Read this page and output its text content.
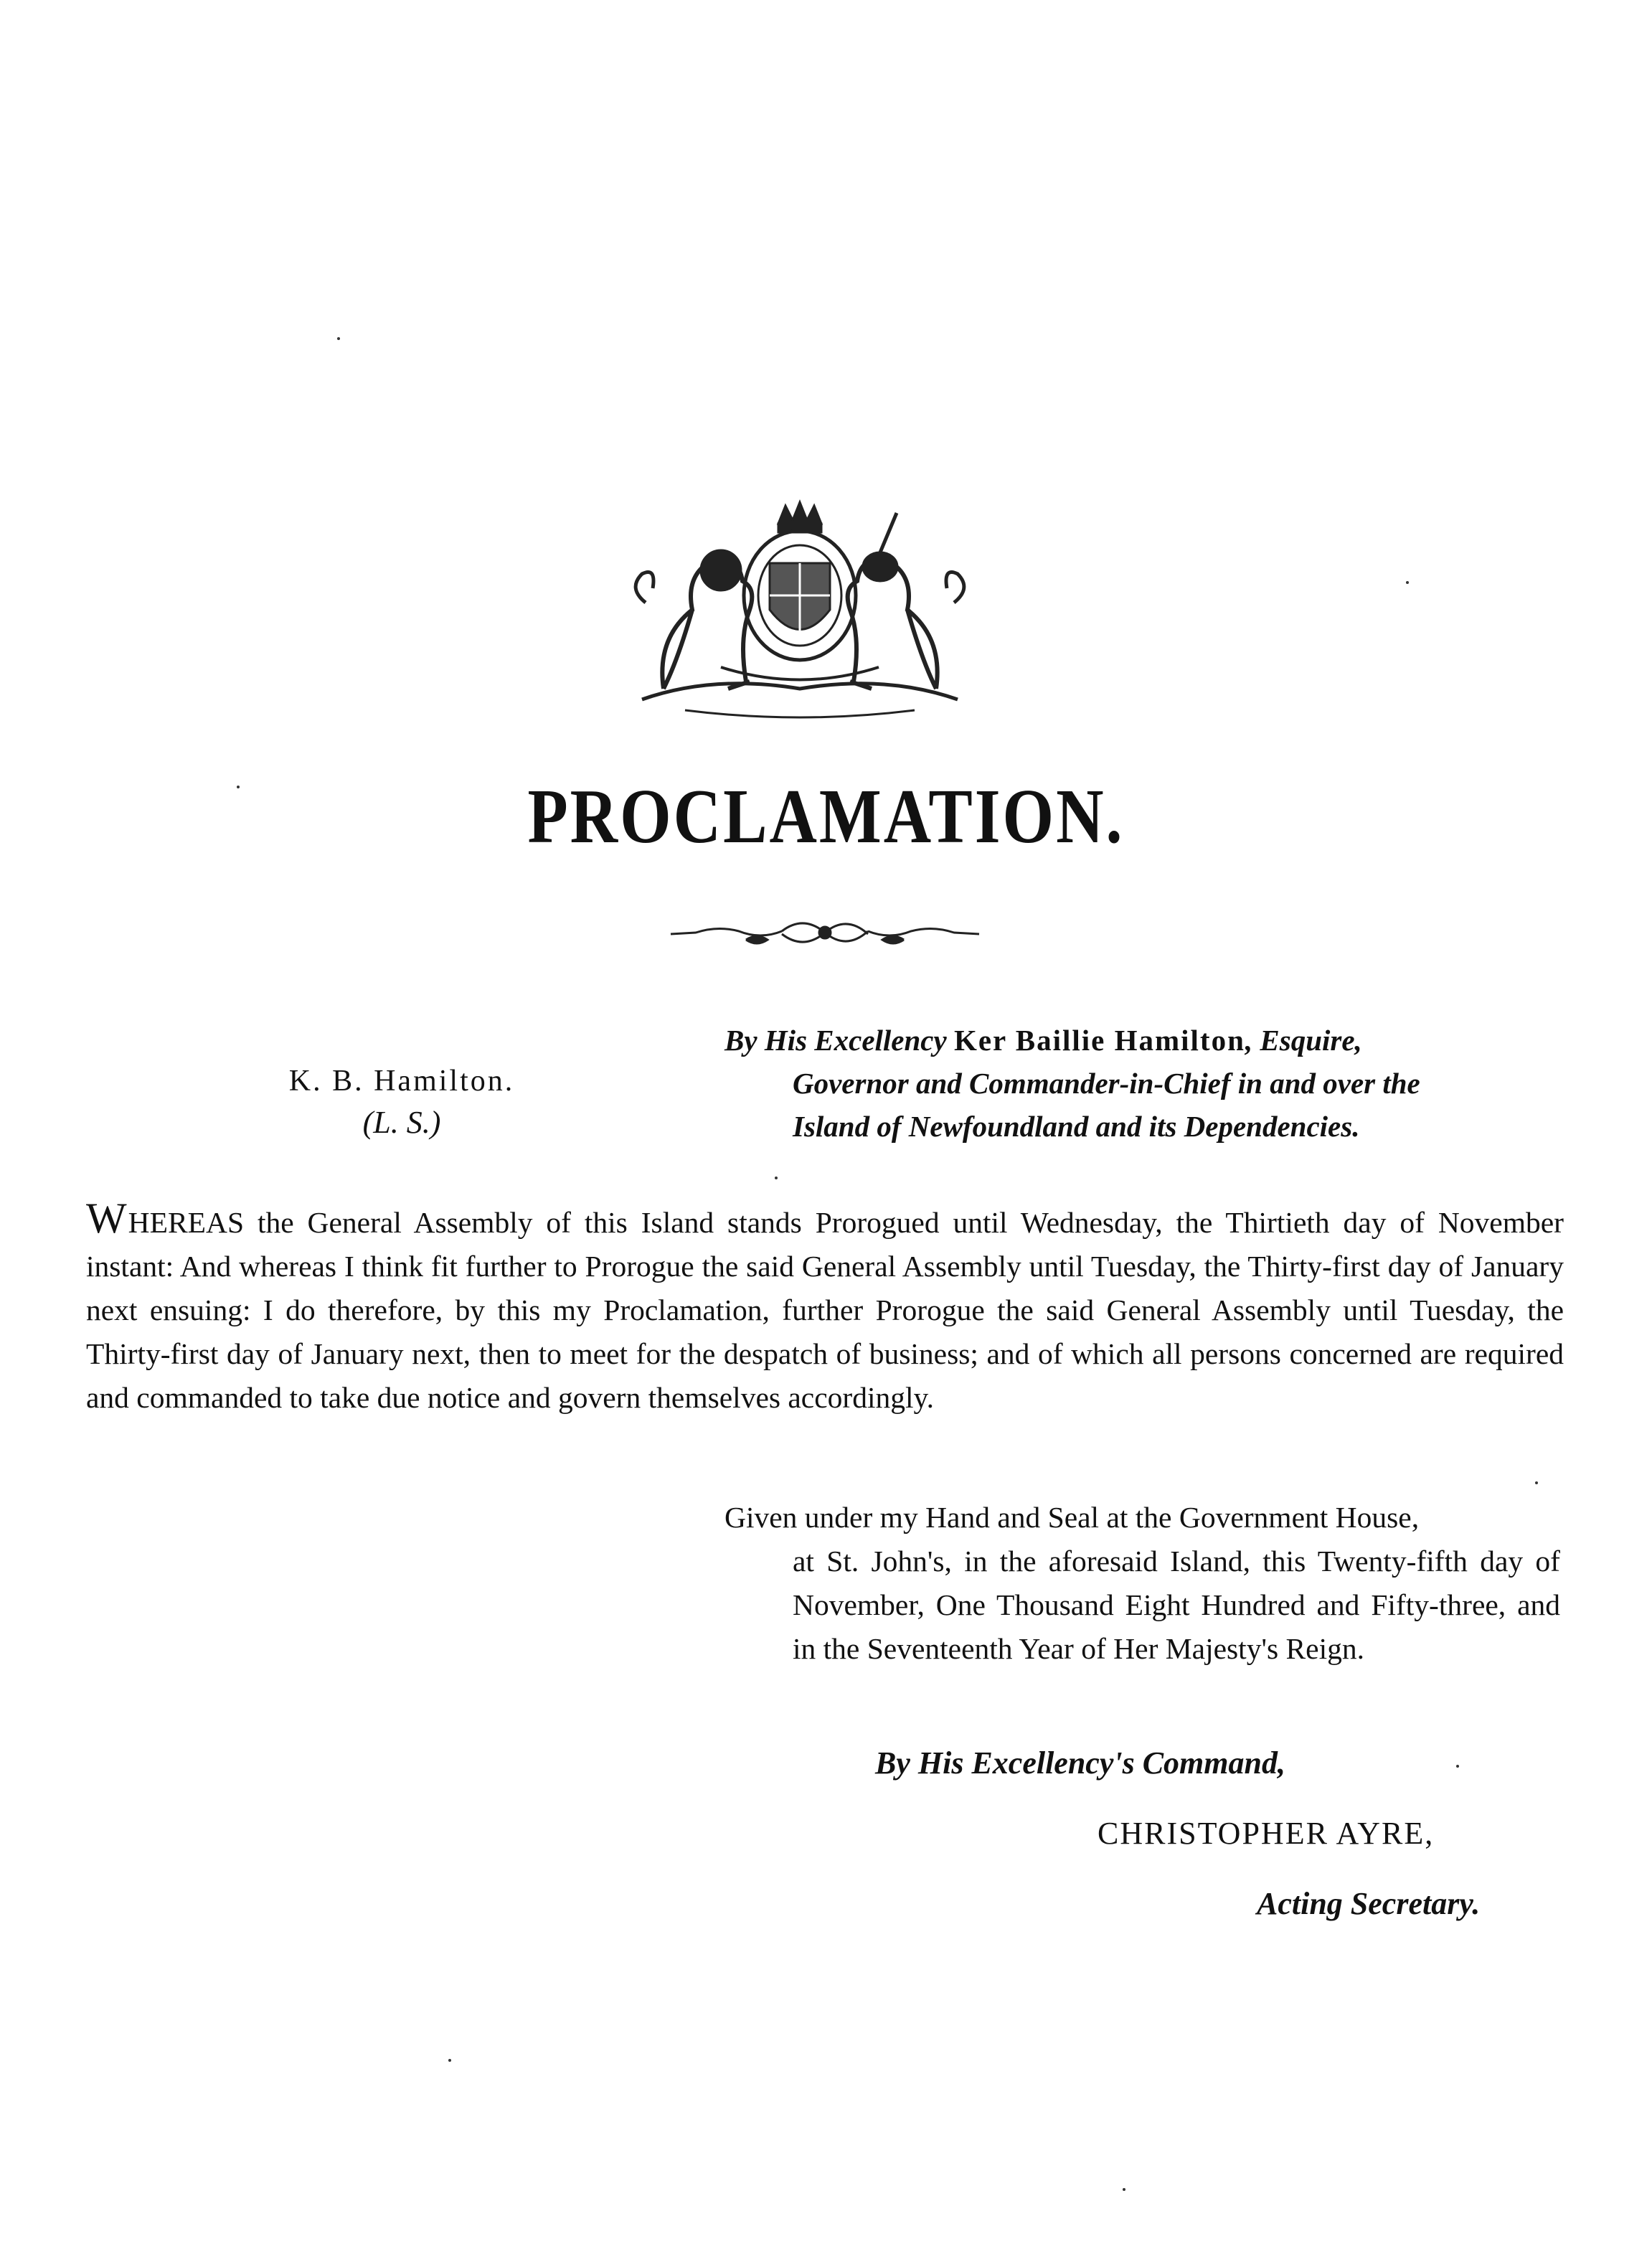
PROCLAMATION.
K. B. Hamilton.
(L. S.)
By His Excellency Ker Baillie Hamilton, Esquire,
Governor and Commander-in-Chief in and over the
Island of Newfoundland and its Dependencies.
WHEREAS the General Assembly of this Island stands Prorogued until Wednesday, the Thirtieth day of November instant: And whereas I think fit further to Prorogue the said General Assembly until Tuesday, the Thirty-first day of January next ensuing: I do therefore, by this my Proclamation, further Prorogue the said General Assembly until Tuesday, the Thirty-first day of January next, then to meet for the despatch of business; and of which all persons concerned are required and commanded to take due notice and govern themselves accordingly.
Given under my Hand and Seal at the Government House,
at St. John's, in the aforesaid Island, this Twenty-fifth day of November, One Thousand Eight Hundred and Fifty-three, and in the Seventeenth Year of Her Majesty's Reign.
By His Excellency's Command,
CHRISTOPHER AYRE,
Acting Secretary.
